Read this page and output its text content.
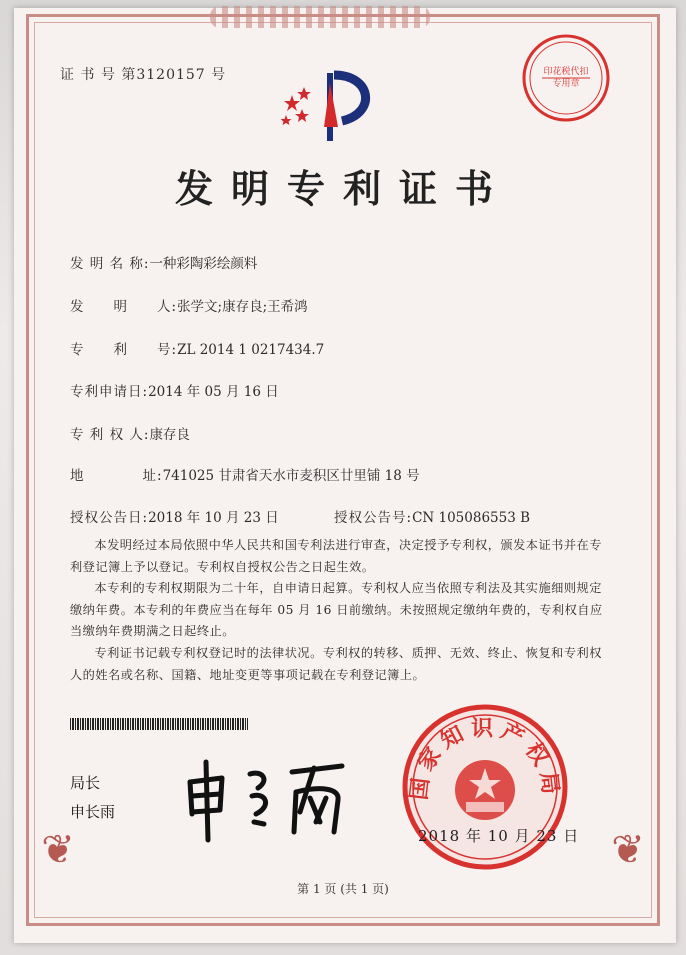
❦	❦
证 书 号 第3120157 号
发明专利证书
发 明 名 称:一种彩陶彩绘颜料
发　　明　　人:张学文;康存良;王希鸿
专　　利　　号:ZL 2014 1 0217434.7
专利申请日:2014 年 05 月 16 日
专 利 权 人:康存良
地　　　　址:741025 甘肃省天水市麦积区廿里铺 18 号
授权公告日:2018 年 10 月 23 日	授权公告号:CN 105086553 B
本发明经过本局依照中华人民共和国专利法进行审查，决定授予专利权，颁发本证书并在专利登记簿上予以登记。专利权自授权公告之日起生效。
本专利的专利权期限为二十年，自申请日起算。专利权人应当依照专利法及其实施细则规定缴纳年费。本专利的年费应当在每年 05 月 16 日前缴纳。未按照规定缴纳年费的，专利权自应当缴纳年费期满之日起终止。
专利证书记载专利权登记时的法律状况。专利权的转移、质押、无效、终止、恢复和专利权人的姓名或名称、国籍、地址变更等事项记载在专利登记簿上。
局长
申长雨
国家知识产权局
2018 年 10 月 23 日
印花税代扣专用章
第 1 页 (共 1 页)
